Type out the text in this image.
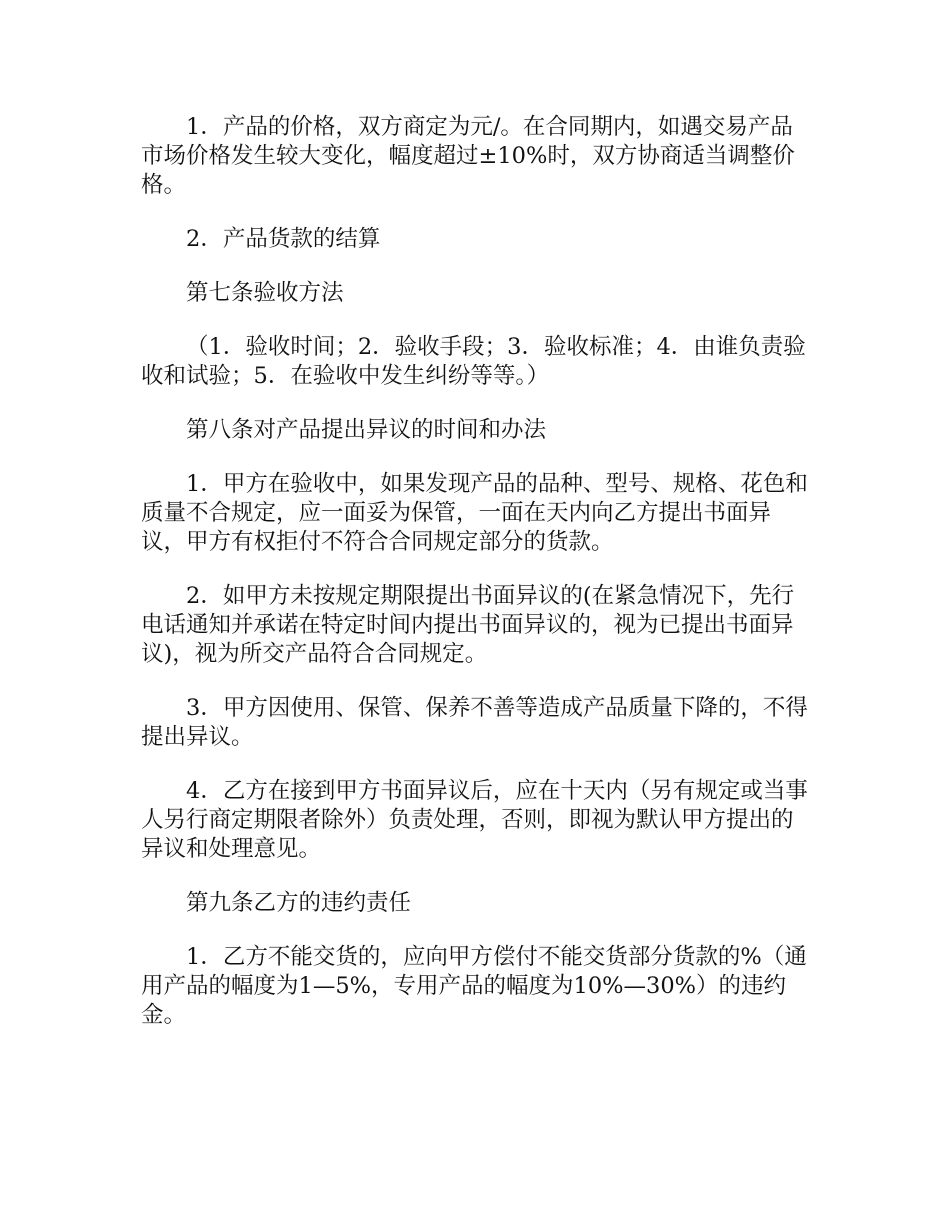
1．产品的价格，双方商定为元/。在合同期内，如遇交易产品市场价格发生较大变化，幅度超过±10%时，双方协商适当调整价格。

2．产品货款的结算

第七条验收方法

（1．验收时间；2．验收手段；3．验收标准；4．由谁负责验收和试验；5．在验收中发生纠纷等等。）

第八条对产品提出异议的时间和办法

1．甲方在验收中，如果发现产品的品种、型号、规格、花色和质量不合规定，应一面妥为保管，一面在天内向乙方提出书面异议，甲方有权拒付不符合合同规定部分的货款。

2．如甲方未按规定期限提出书面异议的(在紧急情况下，先行电话通知并承诺在特定时间内提出书面异议的，视为已提出书面异议)，视为所交产品符合合同规定。

3．甲方因使用、保管、保养不善等造成产品质量下降的，不得提出异议。

4．乙方在接到甲方书面异议后，应在十天内（另有规定或当事人另行商定期限者除外）负责处理，否则，即视为默认甲方提出的异议和处理意见。

第九条乙方的违约责任

1．乙方不能交货的，应向甲方偿付不能交货部分货款的%（通用产品的幅度为1—5%，专用产品的幅度为10%—30%）的违约金。
